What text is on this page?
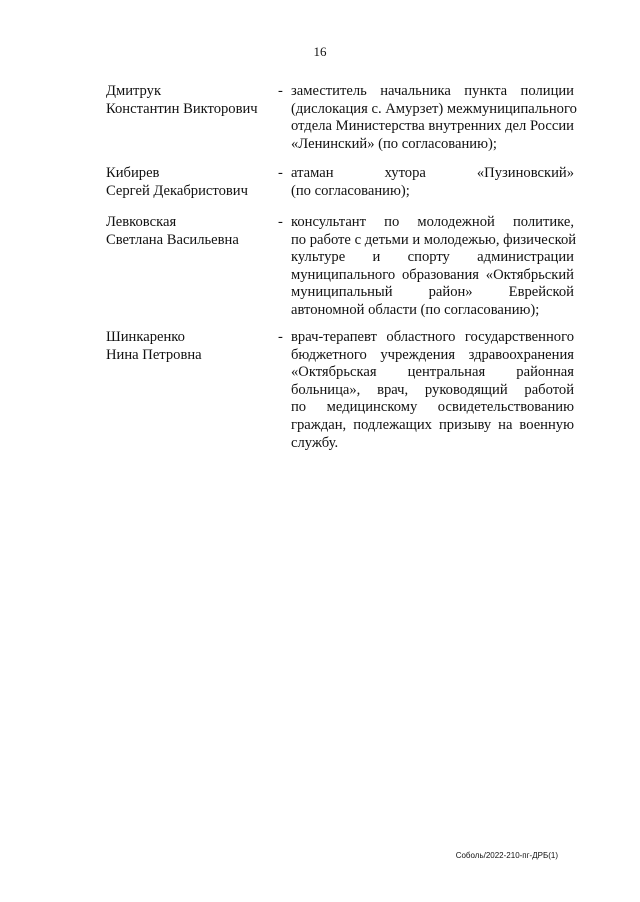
16
Дмитрук
Константин Викторович
- заместитель начальника пункта полиции
(дислокация с. Амурзет) межмуниципального
отдела Министерства внутренних дел России
«Ленинский» (по согласованию);
Кибирев
Сергей Декабристович
- атаман хутора «Пузиновский»
(по согласованию);
Левковская
Светлана Васильевна
- консультант по молодежной политике,
по работе с детьми и молодежью, физической
культуре и спорту администрации
муниципального образования «Октябрьский
муниципальный район» Еврейской
автономной области (по согласованию);
Шинкаренко
Нина Петровна
- врач-терапевт областного государственного
бюджетного учреждения здравоохранения
«Октябрьская центральная районная
больница», врач, руководящий работой
по медицинскому освидетельствованию
граждан, подлежащих призыву на военную
службу.
Соболь/2022-210-пг-ДРБ(1)
